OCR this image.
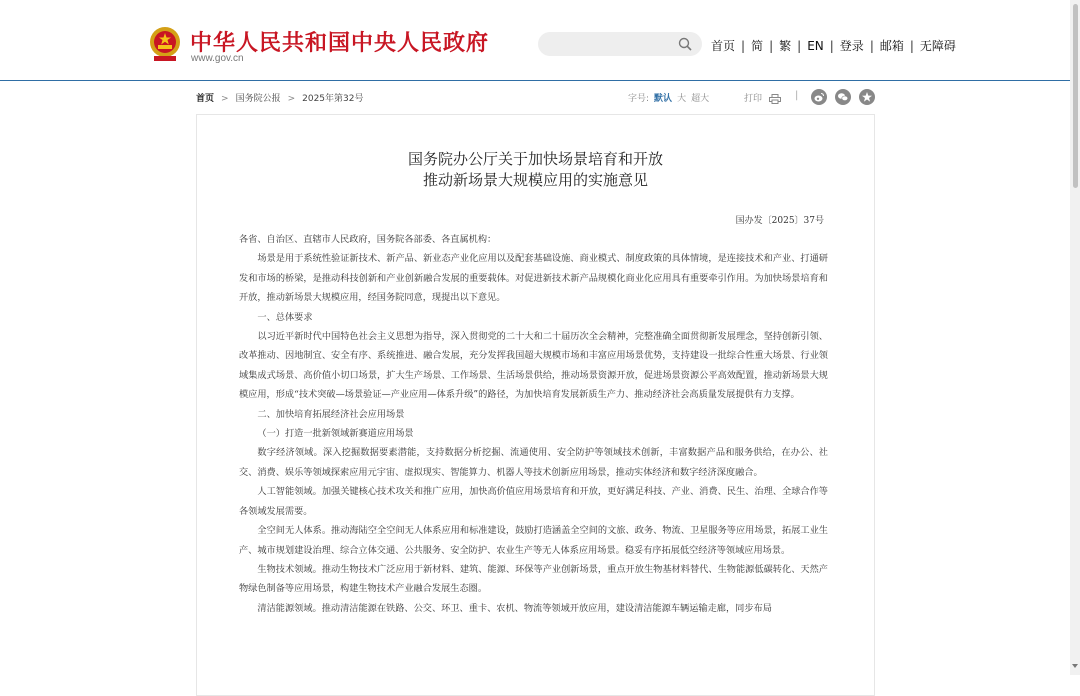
中华人民共和国中央人民政府
www.gov.cn
首页 | 简 | 繁 | EN | 登录 | 邮箱 | 无障碍
首页 > 国务院公报 > 2025年第32号	字号: 默认 大 超大	打印	|
国务院办公厅关于加快场景培育和开放
推动新场景大规模应用的实施意见
国办发〔2025〕37号

各省、自治区、直辖市人民政府，国务院各部委、各直属机构：

场景是用于系统性验证新技术、新产品、新业态产业化应用以及配套基础设施、商业模式、制度政策的具体情境，是连接技术和产业、打通研发和市场的桥梁，是推动科技创新和产业创新融合发展的重要载体。对促进新技术新产品规模化商业化应用具有重要牵引作用。为加快场景培育和开放，推动新场景大规模应用，经国务院同意，现提出以下意见。

一、总体要求

以习近平新时代中国特色社会主义思想为指导，深入贯彻党的二十大和二十届历次全会精神，完整准确全面贯彻新发展理念，坚持创新引领、改革推动、因地制宜、安全有序、系统推进、融合发展，充分发挥我国超大规模市场和丰富应用场景优势，支持建设一批综合性重大场景、行业领域集成式场景、高价值小切口场景，扩大生产场景、工作场景、生活场景供给，推动场景资源开放，促进场景资源公平高效配置，推动新场景大规模应用，形成“技术突破—场景验证—产业应用—体系升级”的路径，为加快培育发展新质生产力、推动经济社会高质量发展提供有力支撑。

二、加快培育拓展经济社会应用场景

（一）打造一批新领域新赛道应用场景

数字经济领域。深入挖掘数据要素潜能，支持数据分析挖掘、流通使用、安全防护等领域技术创新，丰富数据产品和服务供给，在办公、社交、消费、娱乐等领域探索应用元宇宙、虚拟现实、智能算力、机器人等技术创新应用场景，推动实体经济和数字经济深度融合。

人工智能领域。加强关键核心技术攻关和推广应用，加快高价值应用场景培育和开放，更好满足科技、产业、消费、民生、治理、全球合作等各领域发展需要。

全空间无人体系。推动海陆空全空间无人体系应用和标准建设，鼓励打造涵盖全空间的文旅、政务、物流、卫星服务等应用场景，拓展工业生产、城市规划建设治理、综合立体交通、公共服务、安全防护、农业生产等无人体系应用场景。稳妥有序拓展低空经济等领域应用场景。

生物技术领域。推动生物技术广泛应用于新材料、建筑、能源、环保等产业创新场景，重点开放生物基材料替代、生物能源低碳转化、天然产物绿色制备等应用场景，构建生物技术产业融合发展生态圈。

清洁能源领域。推动清洁能源在铁路、公交、环卫、重卡、农机、物流等领域开放应用，建设清洁能源车辆运输走廊，同步布局
